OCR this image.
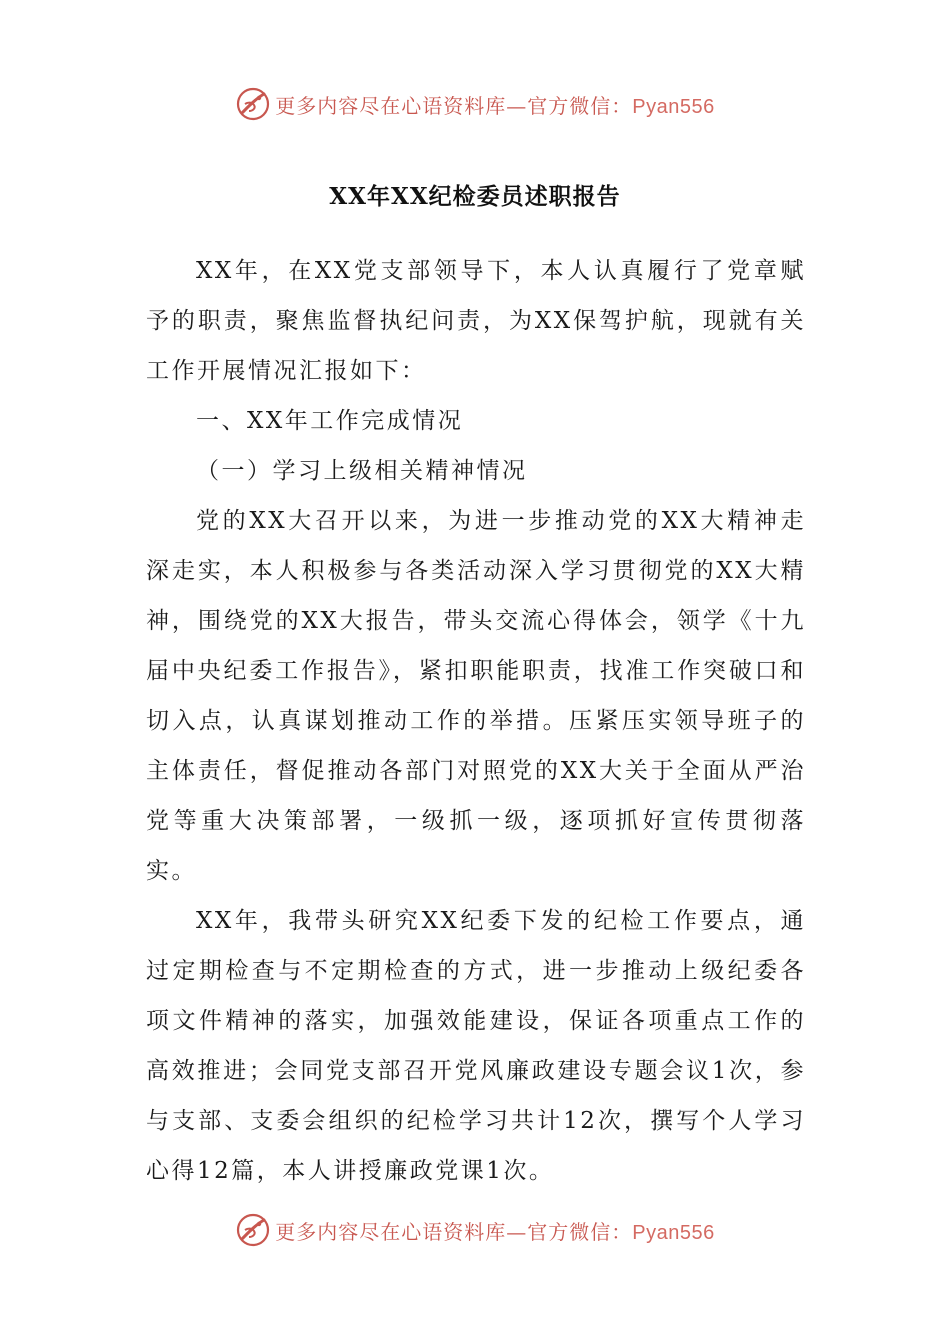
更多内容尽在心语资料库—官方微信：Pyan556
XX年XX纪检委员述职报告

XX年，在XX党支部领导下，本人认真履行了党章赋予的职责，聚焦监督执纪问责，为XX保驾护航，现就有关工作开展情况汇报如下：

一、XX年工作完成情况

（一）学习上级相关精神情况

党的XX大召开以来，为进一步推动党的XX大精神走深走实，本人积极参与各类活动深入学习贯彻党的XX大精神，围绕党的XX大报告，带头交流心得体会，领学《十九届中央纪委工作报告》，紧扣职能职责，找准工作突破口和切入点，认真谋划推动工作的举措。压紧压实领导班子的主体责任，督促推动各部门对照党的XX大关于全面从严治党等重大决策部署，一级抓一级，逐项抓好宣传贯彻落实。

XX年，我带头研究XX纪委下发的纪检工作要点，通过定期检查与不定期检查的方式，进一步推动上级纪委各项文件精神的落实，加强效能建设，保证各项重点工作的高效推进；会同党支部召开党风廉政建设专题会议1次，参与支部、支委会组织的纪检学习共计12次，撰写个人学习心得12篇，本人讲授廉政党课1次。

更多内容尽在心语资料库—官方微信：Pyan556
